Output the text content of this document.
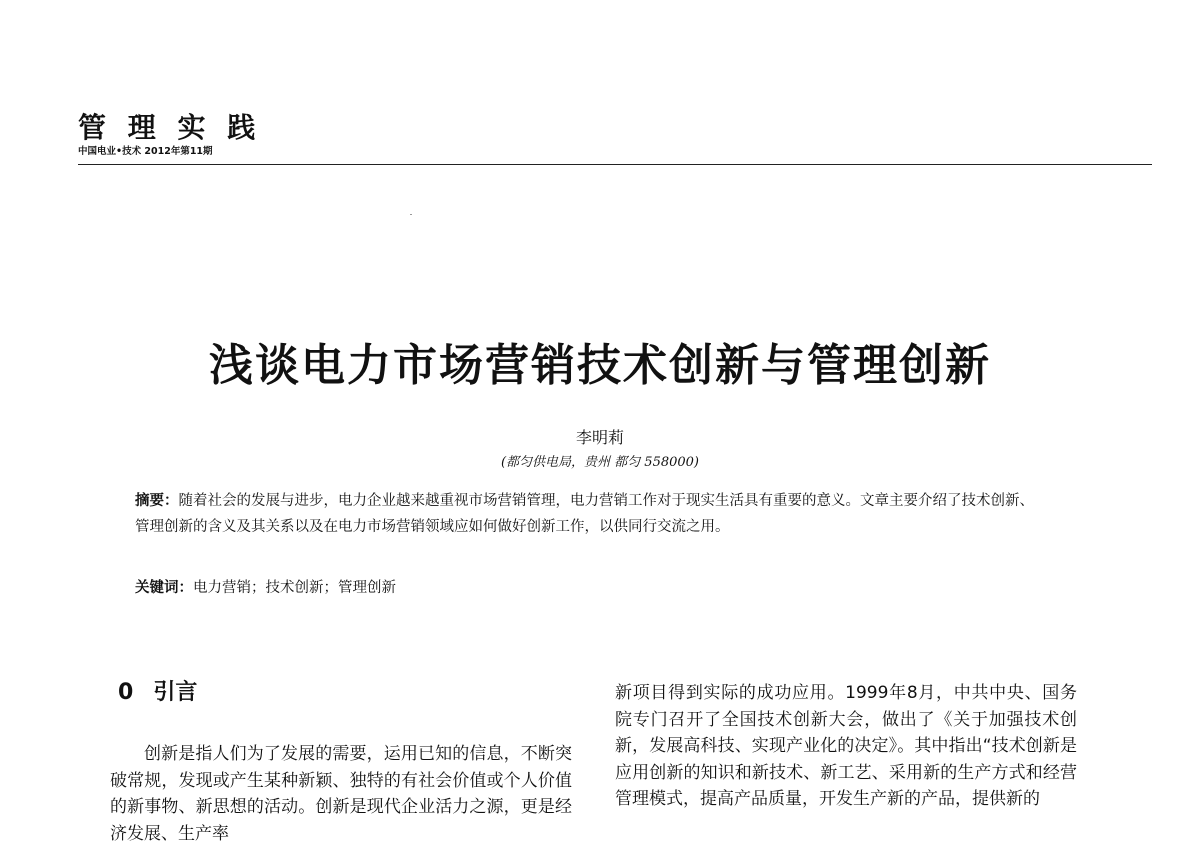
管 理 实 践
中国电业•技术 2012年第11期
浅谈电力市场营销技术创新与管理创新
李明莉
(都匀供电局，贵州 都匀 558000)
摘要：随着社会的发展与进步，电力企业越来越重视市场营销管理，电力营销工作对于现实生活具有重要的意义。文章主要介绍了技术创新、管理创新的含义及其关系以及在电力市场营销领域应如何做好创新工作，以供同行交流之用。
关键词：电力营销；技术创新；管理创新
0 引言

创新是指人们为了发展的需要，运用已知的信息，不断突破常规，发现或产生某种新颖、独特的有社会价值或个人价值的新事物、新思想的活动。创新是现代企业活力之源，更是经济发展、生产率

新项目得到实际的成功应用。1999年8月，中共中央、国务院专门召开了全国技术创新大会，做出了《关于加强技术创新，发展高科技、实现产业化的决定》。其中指出“技术创新是应用创新的知识和新技术、新工艺、采用新的生产方式和经营管理模式，提高产品质量，开发生产新的产品，提供新的
